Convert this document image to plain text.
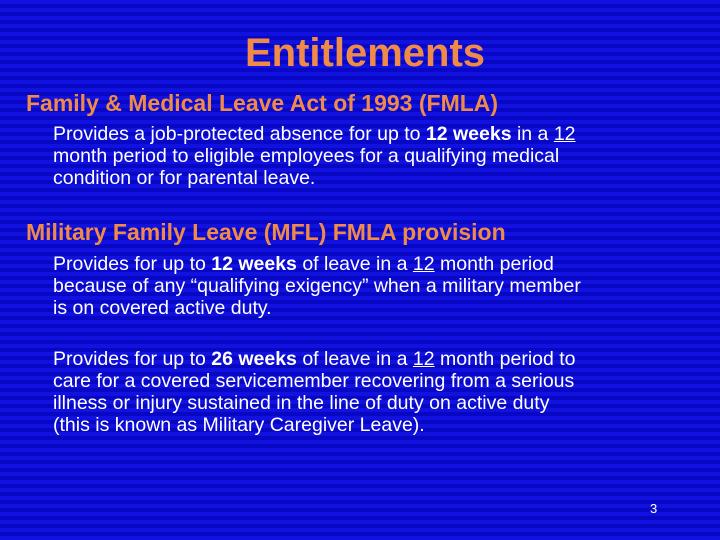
Entitlements
Family & Medical Leave Act of 1993 (FMLA)

Provides a job-protected absence for up to 12 weeks in a 12
month period to eligible employees for a qualifying medical
condition or for parental leave.

Military Family Leave (MFL) FMLA provision

Provides for up to 12 weeks of leave in a 12 month period
because of any “qualifying exigency” when a military member
is on covered active duty.

Provides for up to 26 weeks of leave in a 12 month period to
care for a covered servicemember recovering from a serious
illness or injury sustained in the line of duty on active duty
(this is known as Military Caregiver Leave).

3
